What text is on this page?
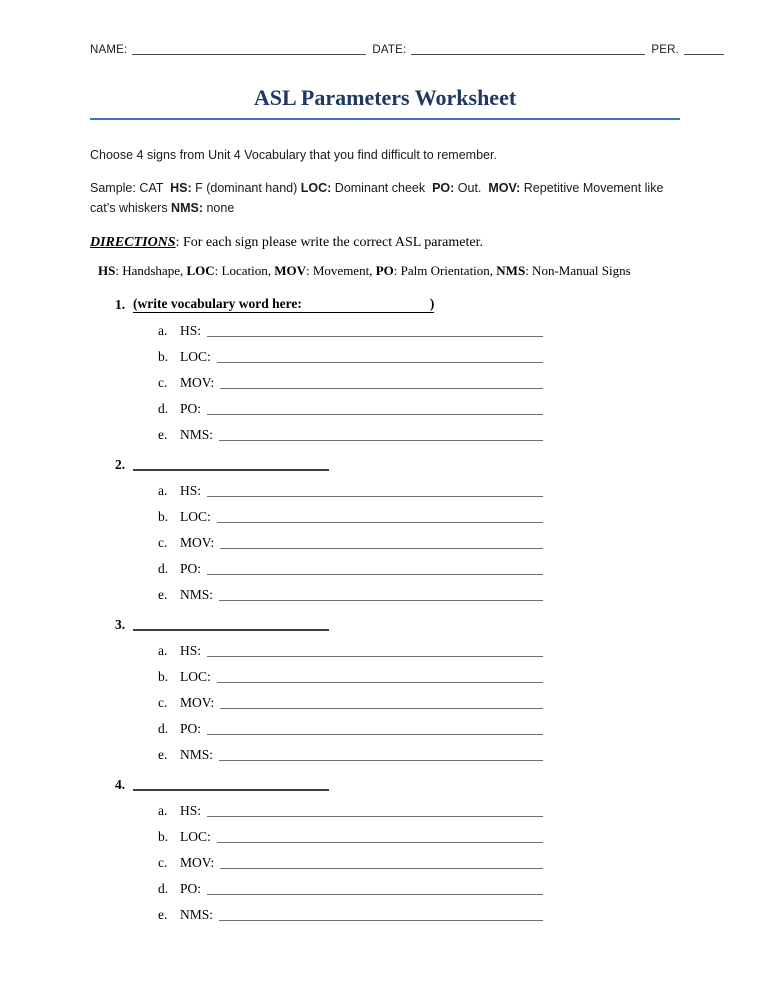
NAME:	DATE:	PER.
ASL Parameters Worksheet

Choose 4 signs from Unit 4 Vocabulary that you find difficult to remember.

Sample: CAT  HS: F (dominant hand) LOC: Dominant cheek  PO: Out.  MOV: Repetitive Movement like cat’s whiskers NMS: none

DIRECTIONS: For each sign please write the correct ASL parameter.

HS: Handshape, LOC: Location, MOV: Movement, PO: Palm Orientation, NMS: Non-Manual Signs

1. (write vocabulary word here:	)
a. HS:
b. LOC:
c. MOV:
d. PO:
e. NMS:
2.
a. HS:
b. LOC:
c. MOV:
d. PO:
e. NMS:
3.
a. HS:
b. LOC:
c. MOV:
d. PO:
e. NMS:
4.
a. HS:
b. LOC:
c. MOV:
d. PO:
e. NMS:
